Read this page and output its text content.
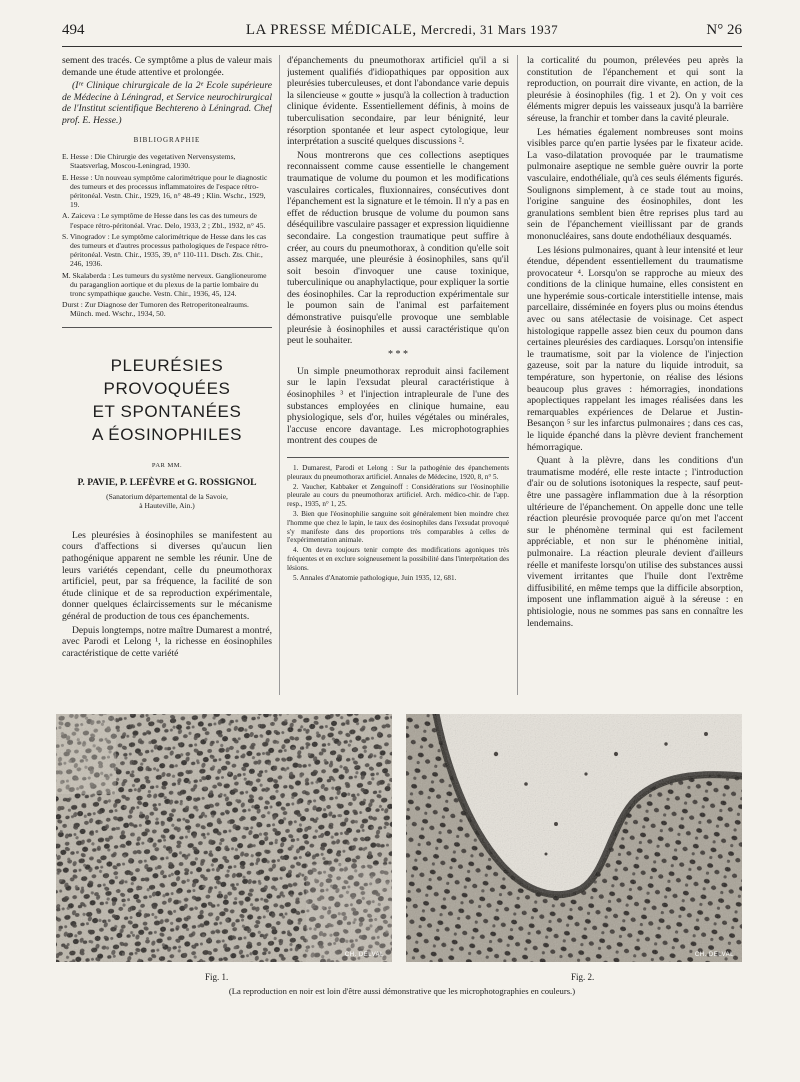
494	LA PRESSE MÉDICALE, Mercredi, 31 Mars 1937	N° 26

sement des tracés. Ce symptôme a plus de valeur mais demande une étude attentive et prolongée.

(Iʳᵉ Clinique chirurgicale de la 2ᵉ Ecole supérieure de Médecine à Léningrad, et Service neurochirurgical de l'Institut scientifique Bechtereno à Léningrad. Chef prof. E. Hesse.)

BIBLIOGRAPHIE
E. Hesse : Die Chirurgie des vegetativen Nervensystems, Staatsverlag, Moscou-Leningrad, 1930.
E. Hesse : Un nouveau symptôme calorimétrique pour le diagnostic des tumeurs et des processus inflammatoires de l'espace rétro-péritonéal. Vestn. Chir., 1929, 16, n° 48-49 ; Klin. Wschr., 1929, 19.
A. Zaiceva : Le symptôme de Hesse dans les cas des tumeurs de l'espace rétro-péritonéal. Vrac. Delo, 1933, 2 ; Zbl., 1932, n° 45.
S. Vinogradov : Le symptôme calorimétrique de Hesse dans les cas des tumeurs et d'autres processus pathologiques de l'espace rétro-péritonéal. Vestn. Chir., 1935, 39, n° 110-111. Dtsch. Zts. Chir., 246, 1936.
M. Skalaberda : Les tumeurs du système nerveux. Ganglioneurome du paraganglion aortique et du plexus de la partie lombaire du tronc sympathique gauche. Vestn. Chir., 1936, 45, 124.
Durst : Zur Diagnose der Tumoren des Retroperitonealraums. Münch. med. Wschr., 1934, 50.
PLEURÉSIES PROVOQUÉES
ET SPONTANÉES
A ÉOSINOPHILES
PAR MM.
P. PAVIE, P. LEFÈVRE et G. ROSSIGNOL
(Sanatorium départemental de la Savoie,
à Hauteville, Ain.)

Les pleurésies à éosinophiles se manifestent au cours d'affections si diverses qu'aucun lien pathogénique apparent ne semble les réunir. Une de leurs variétés cependant, celle du pneumothorax artificiel, peut, par sa fréquence, la facilité de son étude clinique et de sa reproduction expérimentale, donner quelques éclaircissements sur le mécanisme général de production de tous ces épanchements.

Depuis longtemps, notre maître Dumarest a montré, avec Parodi et Lelong ¹, la richesse en éosinophiles caractéristique de cette variété

d'épanchements du pneumothorax artificiel qu'il a si justement qualifiés d'idiopathiques par opposition aux pleurésies tuberculeuses, et dont l'abondance varie depuis la silencieuse « goutte » jusqu'à la collection à traduction clinique évidente. Essentiellement définis, à moins de tuberculisation secondaire, par leur bénignité, leur résorption spontanée et leur aspect cytologique, leur interprétation a suscité quelques discussions ².

Nous montrerons que ces collections aseptiques reconnaissent comme cause essentielle le changement traumatique de volume du poumon et les modifications vasculaires corticales, fluxionnaires, consécutives dont l'épanchement est la signature et le témoin. Il n'y a pas en effet de réduction brusque de volume du poumon sans déséquilibre vasculaire passager et expression liquidienne secondaire. La congestion traumatique peut suffire à créer, au cours du pneumothorax, à condition qu'elle soit assez marquée, une pleurésie à éosinophiles, sans qu'il soit besoin d'invoquer une cause toxinique, tuberculinique ou anaphylactique, pour expliquer la sortie des éosinophiles. Car la reproduction expérimentale sur le poumon sain de l'animal est parfaitement démonstrative puisqu'elle provoque une semblable pleurésie à éosinophiles et aussi caractéristique qu'on peut le souhaiter.

* * *

Un simple pneumothorax reproduit ainsi facilement sur le lapin l'exsudat pleural caractéristique à éosinophiles ³ et l'injection intrapleurale de l'une des substances employées en clinique humaine, eau physiologique, sels d'or, huiles végétales ou minérales, l'accuse encore davantage. Les microphotographies montrent des coupes de

1. Dumarest, Parodi et Lelong : Sur la pathogénie des épanchements pleuraux du pneumothorax artificiel. Annales de Médecine, 1920, 8, n° 5.
2. Vaucher, Kabbaker et Zenguinoff : Considérations sur l'éosinophilie pleurale au cours du pneumothorax artificiel. Arch. médico-chir. de l'app. resp., 1935, n° 1, 25.
3. Bien que l'éosinophilie sanguine soit généralement bien moindre chez l'homme que chez le lapin, le taux des éosinophiles dans l'exsudat provoqué s'y manifeste dans des proportions très comparables à celles de l'expérimentation animale.
4. On devra toujours tenir compte des modifications agoniques très fréquentes et en exclure soigneusement la possibilité dans l'interprétation des lésions.
5. Annales d'Anatomie pathologique, Juin 1935, 12, 681.

la corticalité du poumon, prélevées peu après la constitution de l'épanchement et qui sont la reproduction, on pourrait dire vivante, en action, de la pleurésie à éosinophiles (fig. 1 et 2). On y voit ces éléments migrer depuis les vaisseaux jusqu'à la barrière séreuse, la franchir et tomber dans la cavité pleurale.

Les hématies également nombreuses sont moins visibles parce qu'en partie lysées par le fixateur acide. La vaso-dilatation provoquée par le traumatisme pulmonaire aseptique ne semble guère ouvrir la porte vasculaire, endothéliale, qu'à ces seuls éléments figurés. Soulignons simplement, à ce stade tout au moins, l'origine sanguine des éosinophiles, dont les granulations semblent bien être reprises plus tard au sein de l'épanchement vieillissant par de grands mononucléaires, sans doute endothéliaux desquamés.

Les lésions pulmonaires, quant à leur intensité et leur étendue, dépendent essentiellement du traumatisme provocateur ⁴. Lorsqu'on se rapproche au mieux des conditions de la clinique humaine, elles consistent en une hyperémie sous-corticale interstitielle intense, mais parcellaire, disséminée en foyers plus ou moins étendus avec ou sans atélectasie de voisinage. Cet aspect histologique rappelle assez bien ceux du poumon dans certaines pleurésies des cardiaques. Lorsqu'on intensifie le traumatisme, soit par la violence de l'injection gazeuse, soit par la nature du liquide introduit, sa température, son hypertonie, on réalise des lésions beaucoup plus graves : hémorragies, inondations apoplectiques rappelant les images réalisées dans les remarquables expériences de Delarue et Justin-Besançon ⁵ sur les infarctus pulmonaires ; dans ces cas, le liquide épanché dans la plèvre devient franchement hémorragique.

Quant à la plèvre, dans les conditions d'un traumatisme modéré, elle reste intacte ; l'introduction d'air ou de solutions isotoniques la respecte, sauf peut-être une passagère inflammation due à la résorption ultérieure de l'épanchement. On appelle donc une telle réaction pleurésie provoquée parce qu'on met l'accent sur le phénomène terminal qui est facilement appréciable, et non sur le phénomène initial, pulmonaire. La réaction pleurale devient d'ailleurs réelle et manifeste lorsqu'on utilise des substances aussi vivement irritantes que l'huile dont l'extrême diffusibilité, en même temps que la difficile absorption, imposent une inflammation aiguë à la séreuse : en phtisiologie, nous ne sommes pas sans en connaître les lendemains.

CH. DELVAL	CH. DELVAL
Fig. 1.	Fig. 2.
(La reproduction en noir est loin d'être aussi démonstrative que les microphotographies en couleurs.)
